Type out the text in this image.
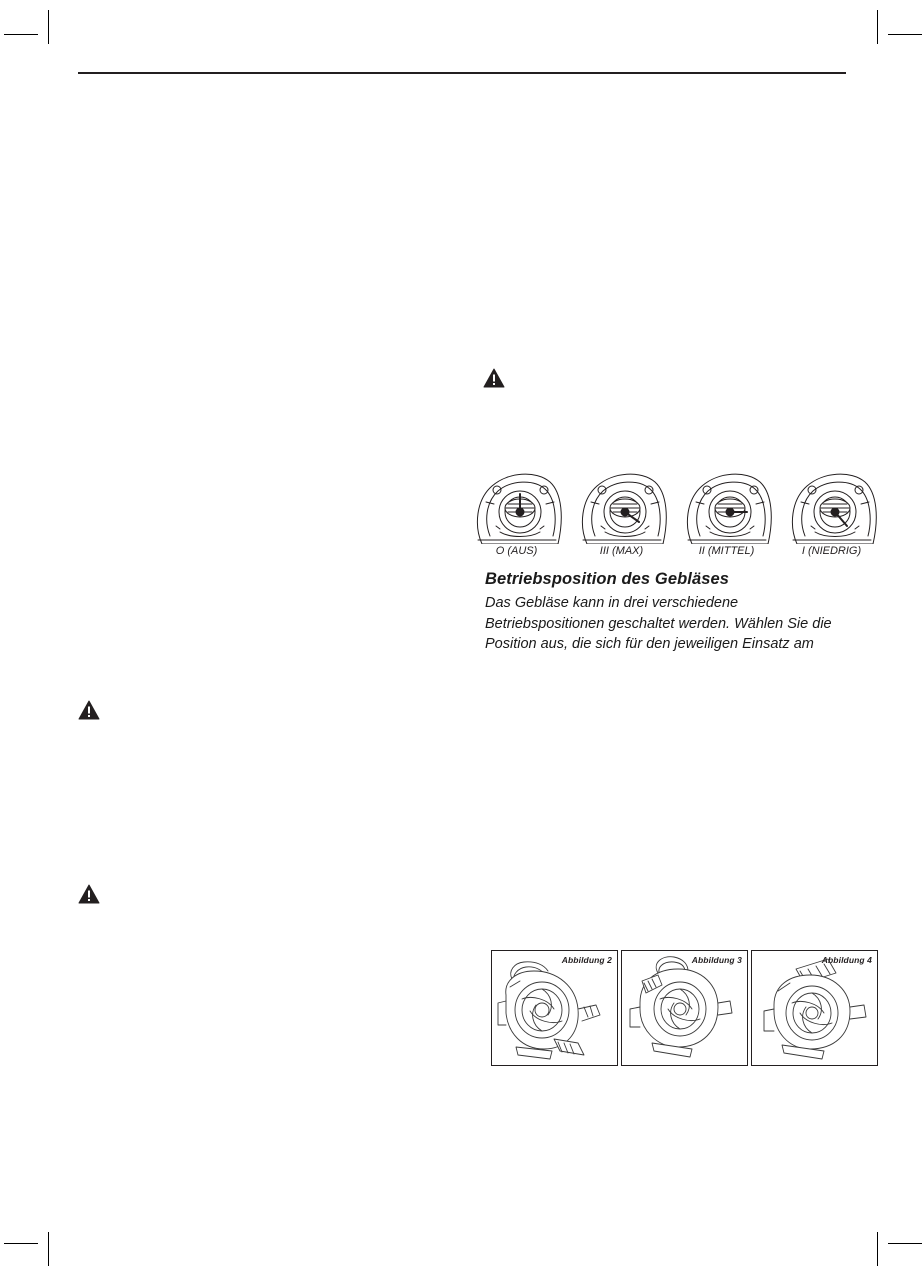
O (AUS)	III (MAX)	II (MITTEL)	I (NIEDRIG)
Betriebsposition des Gebläses

Das Gebläse kann in drei verschiedene Betriebspositionen geschaltet werden. Wählen Sie die Position aus, die sich für den jeweiligen Einsatz am

Abbildung 2	Abbildung 3	Abbildung 4
